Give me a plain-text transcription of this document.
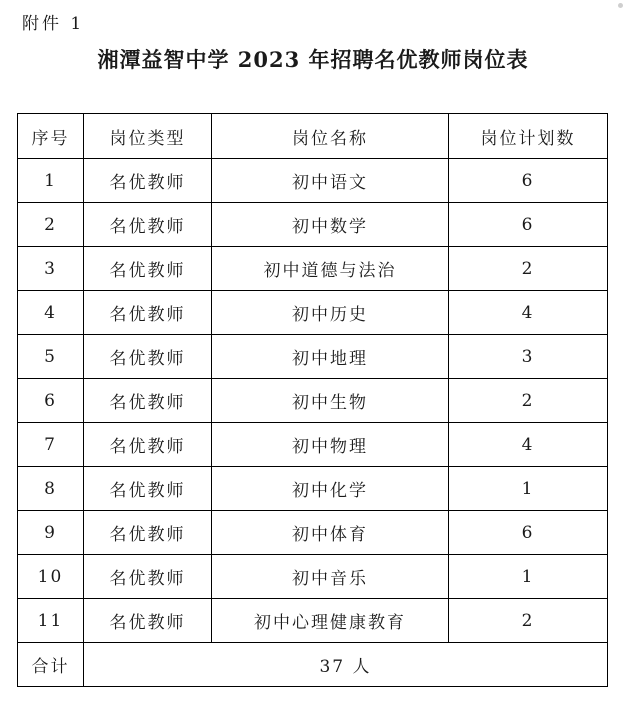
附件 1
湘潭益智中学 2023 年招聘名优教师岗位表
序号	岗位类型	岗位名称	岗位计划数
1	名优教师	初中语文	6
2	名优教师	初中数学	6
3	名优教师	初中道德与法治	2
4	名优教师	初中历史	4
5	名优教师	初中地理	3
6	名优教师	初中生物	2
7	名优教师	初中物理	4
8	名优教师	初中化学	1
9	名优教师	初中体育	6
10	名优教师	初中音乐	1
11	名优教师	初中心理健康教育	2
合计	37 人		
